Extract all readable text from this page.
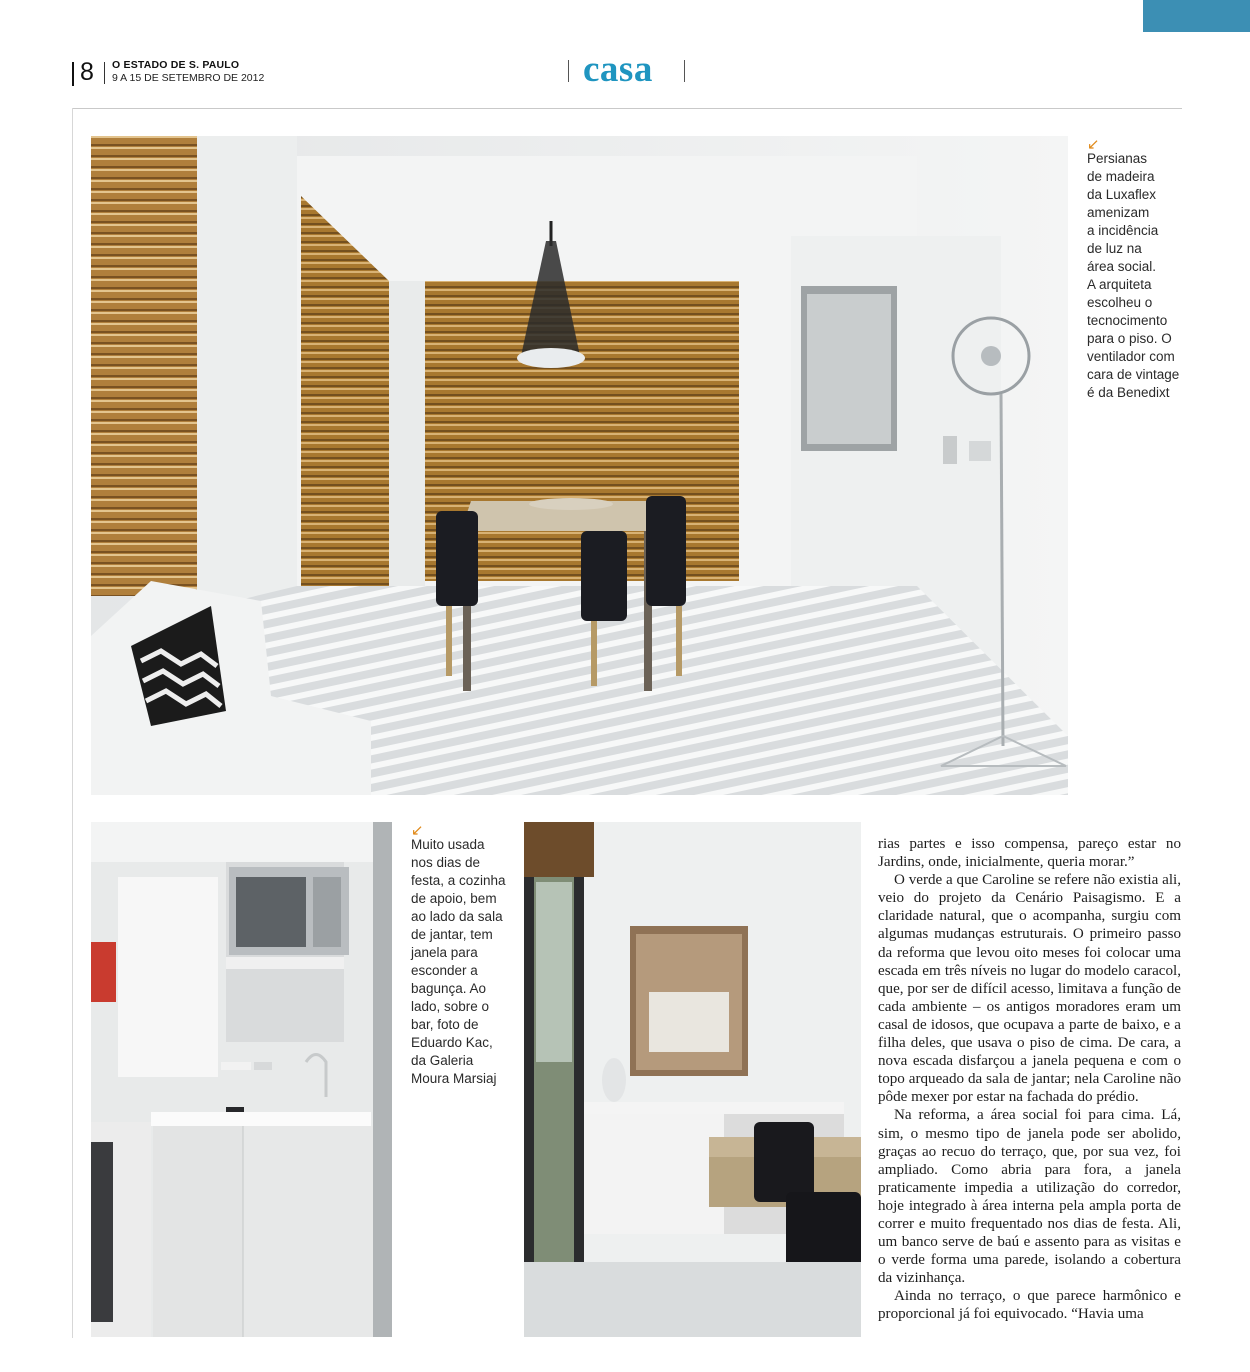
8 O ESTADO DE S. PAULO
9 A 15 DE SETEMBRO DE 2012	casa
↙

Persianas
de madeira
da Luxaflex
amenizam
a incidência
de luz na
área social.
A arquiteta
escolheu o
tecnocimento
para o piso. O
ventilador com
cara de vintage
é da Benedixt

↙

Muito usada
nos dias de
festa, a cozinha
de apoio, bem
ao lado da sala
de jantar, tem
janela para
esconder a
bagunça. Ao
lado, sobre o
bar, foto de
Eduardo Kac,
da Galeria
Moura Marsiaj

rias partes e isso compensa, pareço estar no Jardins, onde, inicialmente, queria morar.”

O verde a que Caroline se refere não existia ali, veio do projeto da Cenário Paisagismo. E a claridade natural, que o acompanha, surgiu com algumas mudanças estruturais. O primeiro passo da reforma que levou oito meses foi colocar uma escada em três níveis no lugar do modelo caracol, que, por ser de difícil acesso, limitava a função de cada ambiente – os antigos moradores eram um casal de idosos, que ocupava a parte de baixo, e a filha deles, que usava o piso de cima. De cara, a nova escada disfarçou a janela pequena e com o topo arqueado da sala de jantar; nela Caroline não pôde mexer por estar na fachada do prédio.

Na reforma, a área social foi para cima. Lá, sim, o mesmo tipo de janela pode ser abolido, graças ao recuo do terraço, que, por sua vez, foi ampliado. Como abria para fora, a janela praticamente impedia a utilização do corredor, hoje integrado à área interna pela ampla porta de correr e muito frequentado nos dias de festa. Ali, um banco serve de baú e assento para as visitas e o verde forma uma parede, isolando a cobertura da vizinhança.

Ainda no terraço, o que parece harmônico e proporcional já foi equivocado. “Havia uma
